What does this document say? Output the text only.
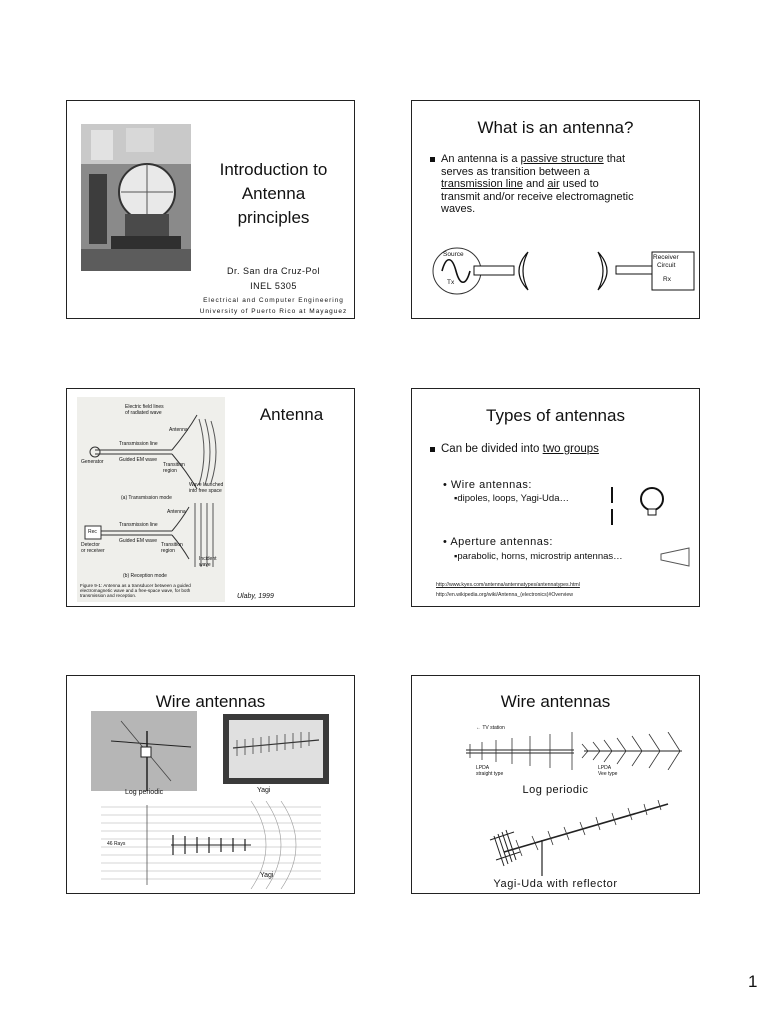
Introduction to
Antenna
principles
Dr. San dra Cruz-Pol
INEL 5305
Electrical and Computer Engineering
University of Puerto Rico at Mayaguez
What is an antenna?
An antenna is a passive structure that
serves as transition between a
transmission line and air used to
transmit and/or receive electromagnetic
waves.
Source
Tx
Receiver
Circuit
Rx
Electric field lines
of radiated wave
Antenna
Transmission line
Generator	Guided EM wave
Transition
region
Wave launched
into free space
(a) Transmission mode
Antenna
Transmission line
Rec
Guided EM wave
Detector
or receiver
Transition
region
Incident
wave
(b) Reception mode
Figure 9-1: Antenna as a transducer between a guided
electromagnetic wave and a free-space wave, for both
transmission and reception.
Antenna
Ulaby, 1999
Types of antennas
Can be divided into two groups
• Wire antennas:
▪dipoles, loops, Yagi-Uda…
• Aperture antennas:
▪parabolic, horns, microstrip antennas…
http://www.kyes.com/antenna/antennatypes/antennatypes.html
http://en.wikipedia.org/wiki/Antenna_(electronics)#Overview
Wire antennas
Log periodic	Yagi
46 Rays
Yagi
Wire antennas
← TV station
LPDA
straight type
LPDA
Vee type
Log periodic
Yagi-Uda with reflector
1
